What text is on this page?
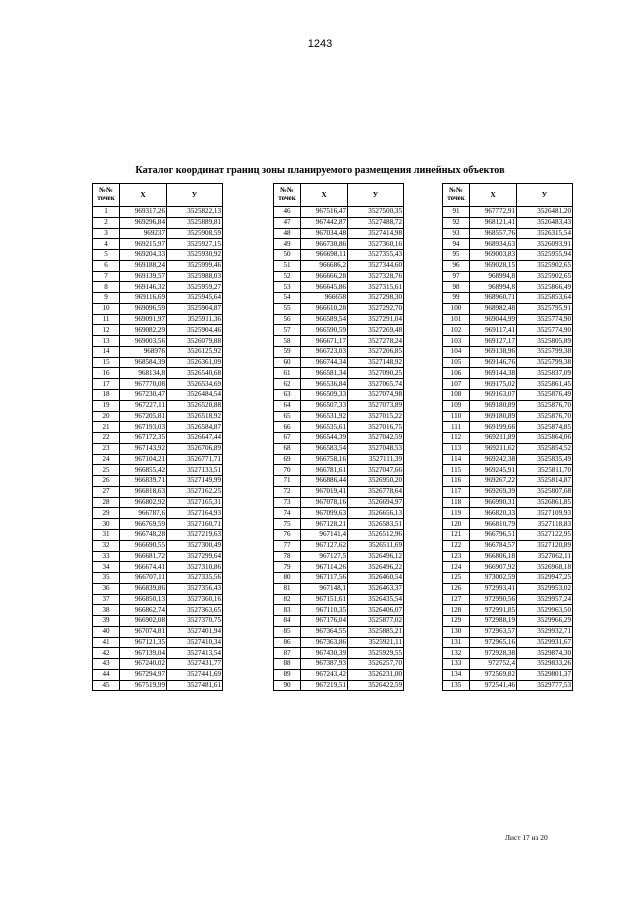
1243
Каталог координат границ зоны планируемого размещения линейных объектов
№№
точек	X	У
1	969317,26	3525822,13
2	969296,84	3525889,81
3	969237	3525908,59
4	969215,97	3525927,15
5	969204,33	3525930,92
6	969188,24	3525999,46
7	969139,57	3525988,03
8	969146,32	3525959,27
9	969116,69	3525945,64
10	969096,59	3525904,87
11	969091,97	3525911,36
12	969082,29	3525904,46
13	969003,56	3526079,88
14	968976	3526125,92
15	968584,39	3526361,09
16	968134,8	3526540,68
17	967770,08	3526534,69
18	967230,47	3526484,54
19	967227,11	3526520,88
20	967205,81	3526518,92
21	967193,03	3526584,87
22	967172,35	3526647,44
23	967143,92	3526706,89
24	967104,21	3526771,71
25	966855,42	3527133,51
26	966839,71	3527149,99
27	966818,63	3527162,25
28	966802,92	3527165,31
29	966787,6	3527164,93
30	966769,59	3527160,71
31	966748,28	3527219,63
32	966690,55	3527300,49
33	966681,72	3527299,64
34	966674,41	3527310,86
35	966707,11	3527335,56
36	966839,86	3527356,43
37	966850,13	3527360,16
38	966862,74	3527363,65
39	966902,08	3527370,75
40	967074,81	3527401,94
41	967121,35	3527410,34
42	967139,04	3527413,54
43	967240,02	3527431,77
44	967294,97	3527441,69
45	967519,99	3527481,61
№№
точек	X	У
46	967516,47	3527500,35
47	967442,87	3527488,72
48	967034,48	3527414,98
49	966730,86	3527360,16
50	966698,11	3527355,43
51	966686,2	3527344,60
52	966666,28	3527328,76
53	966645,86	3527315,61
54	966658	3527298,30
55	966610,28	3527292,70
56	966589,54	3527291,04
57	966590,59	3527269,48
58	966671,17	3527278,24
59	966723,03	3527206,85
60	966744,34	3527148,92
61	966581,34	3527090,25
62	966536,84	3527065,74
63	966509,33	3527074,98
64	966507,33	3527073,89
65	966531,92	3527015,22
66	966535,61	3527016,75
67	966544,39	3527042,59
68	966583,54	3527048,53
69	966758,16	3527111,39
70	966781,61	3527047,66
71	966886,44	3526950,20
72	967019,41	3526778,64
73	967078,16	3526694,97
74	967099,63	3526656,13
75	967128,21	3526583,51
76	967141,4	3526512,96
77	967127,62	3526511,69
78	967127,5	3526496,12
79	967114,26	3526496,22
80	967117,56	3526460,54
81	967148,1	3526463,37
82	967151,61	3526435,54
83	967110,35	3526406,07
84	967176,04	3525877,02
85	967364,55	3525885,21
86	967363,86	3525921,11
87	967430,39	3525929,55
88	967387,93	3526257,70
89	967243,42	3526231,00
90	967219,51	3526422,59
№№
точек	X	У
91	967772,91	3526481,20
92	968121,41	3526483,43
93	968557,76	3526315,54
94	968934,63	3526093,91
95	969003,83	3525955,94
96	969028,15	3525902,65
97	968994,8	3525902,65
98	968994,8	3525866,49
99	968960,71	3525853,64
100	968982,48	3525795,91
101	969044,99	3525774,90
102	969117,41	3525774,90
103	969127,17	3525805,89
104	969138,96	3525799,38
105	969146,76	3525799,38
106	969144,38	3525837,09
107	969175,02	3525861,45
108	969163,07	3525876,49
109	969180,89	3525876,70
110	969180,89	3525876,70
111	969199,66	3525874,85
112	969211,89	3525864,06
113	969211,62	3525854,52
114	969242,38	3525835,49
115	969245,91	3525811,70
116	969267,22	3525814,87
117	969269,39	3525807,68
118	966990,31	3526861,85
119	966820,33	3527109,93
120	966810,79	3527118,83
121	966796,51	3527122,95
122	966784,57	3527120,89
123	966806,18	3527062,11
124	966907,92	3526968,18
125	973002,59	3529947,25
126	972993,41	3529953,02
127	972990,56	3529957,24
128	972991,85	3529963,50
129	972988,19	3529966,29
130	972963,57	3529932,71
131	972965,16	3529931,67
132	972928,38	3529874,30
133	972752,4	3529833,26
134	972569,82	3529801,37
135	972541,46	3529777,53
Лист 17 из 20
